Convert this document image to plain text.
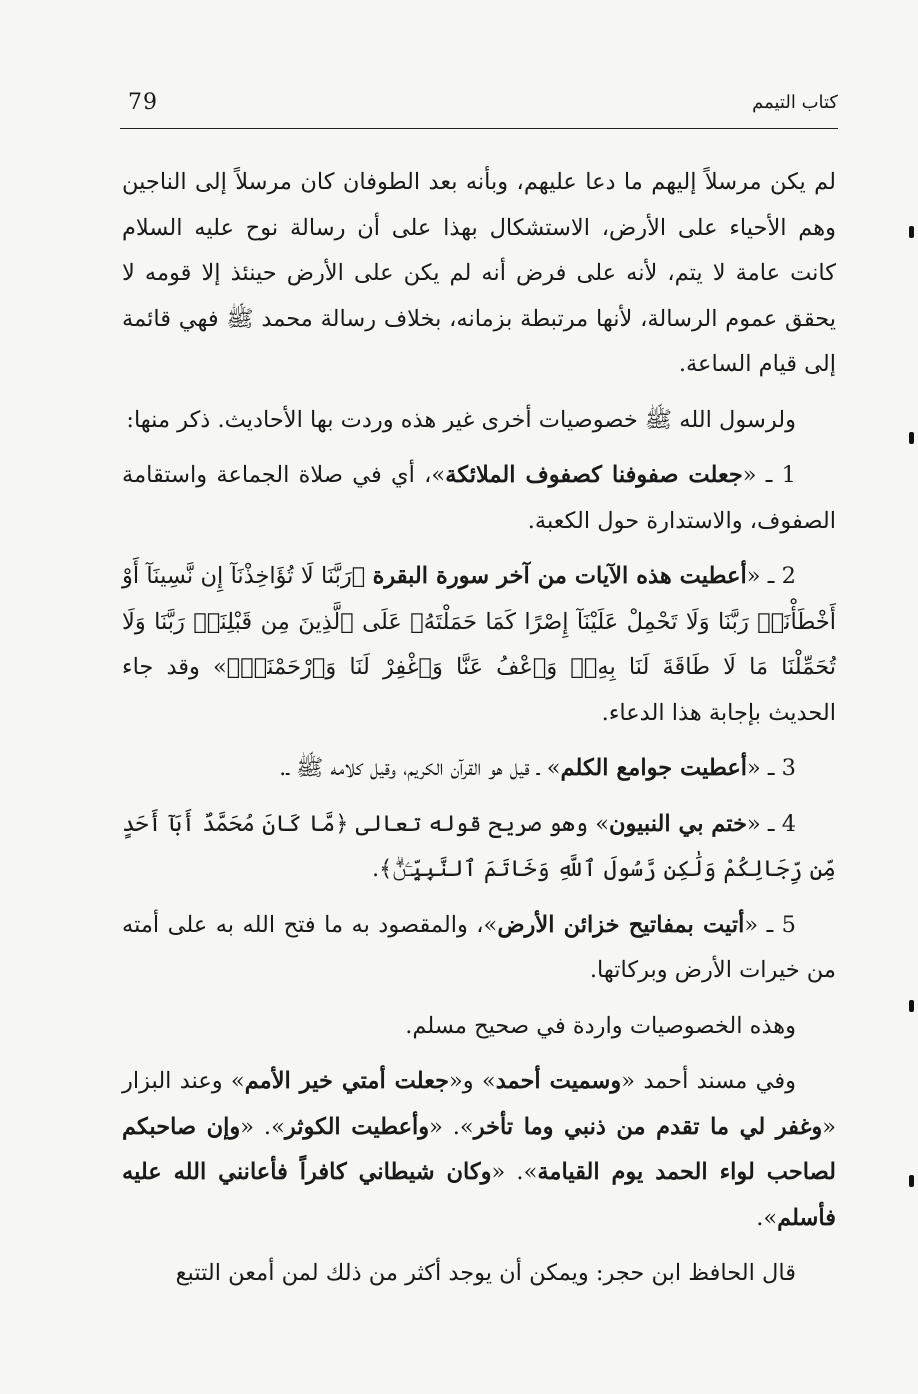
79	كتاب التيمم

لم يكن مرسلاً إليهم ما دعا عليهم، وبأنه بعد الطوفان كان مرسلاً إلى الناجين وهم الأحياء على الأرض، الاستشكال بهذا على أن رسالة نوح عليه السلام كانت عامة لا يتم، لأنه على فرض أنه لم يكن على الأرض حينئذ إلا قومه لا يحقق عموم الرسالة، لأنها مرتبطة بزمانه، بخلاف رسالة محمد ﷺ فهي قائمة إلى قيام الساعة.

ولرسول الله ﷺ خصوصيات أخرى غير هذه وردت بها الأحاديث. ذكر منها:

1 ـ «جعلت صفوفنا كصفوف الملائكة»، أي في صلاة الجماعة واستقامة الصفوف، والاستدارة حول الكعبة.

2 ـ «أعطيت هذه الآيات من آخر سورة البقرة ﴿رَبَّنَا لَا تُؤَاخِذْنَآ إِن نَّسِينَآ أَوْ أَخْطَأْنَاۚ رَبَّنَا وَلَا تَحْمِلْ عَلَيْنَآ إِصْرًا كَمَا حَمَلْتَهُۥ عَلَى ٱلَّذِينَ مِن قَبْلِنَاۚ رَبَّنَا وَلَا تُحَمِّلْنَا مَا لَا طَاقَةَ لَنَا بِهِۦۖ وَٱعْفُ عَنَّا وَٱغْفِرْ لَنَا وَٱرْحَمْنَآۚ﴾» وقد جاء الحديث بإجابة هذا الدعاء.

3 ـ «أعطيت جوامع الكلم» ـ قيل هو القرآن الكريم، وقيل كلامه ﷺ ـ.

4 ـ «ختم بي النبيون» وهو صريح قوله تعالى ﴿مَّا كَانَ مُحَمَّدٌ أَبَآ أَحَدٍ مِّن رِّجَالِكُمْ وَلَٰكِن رَّسُولَ ٱللَّهِ وَخَاتَمَ ٱلنَّبِيِّـۧنَۗ﴾.

5 ـ «أتيت بمفاتيح خزائن الأرض»، والمقصود به ما فتح الله به على أمته من خيرات الأرض وبركاتها.

وهذه الخصوصيات واردة في صحيح مسلم.

وفي مسند أحمد «وسميت أحمد» و«جعلت أمتي خير الأمم» وعند البزار «وغفر لي ما تقدم من ذنبي وما تأخر». «وأعطيت الكوثر». «وإن صاحبكم لصاحب لواء الحمد يوم القيامة». «وكان شيطاني كافراً فأعانني الله عليه فأسلم».

قال الحافظ ابن حجر: ويمكن أن يوجد أكثر من ذلك لمن أمعن التتبع
